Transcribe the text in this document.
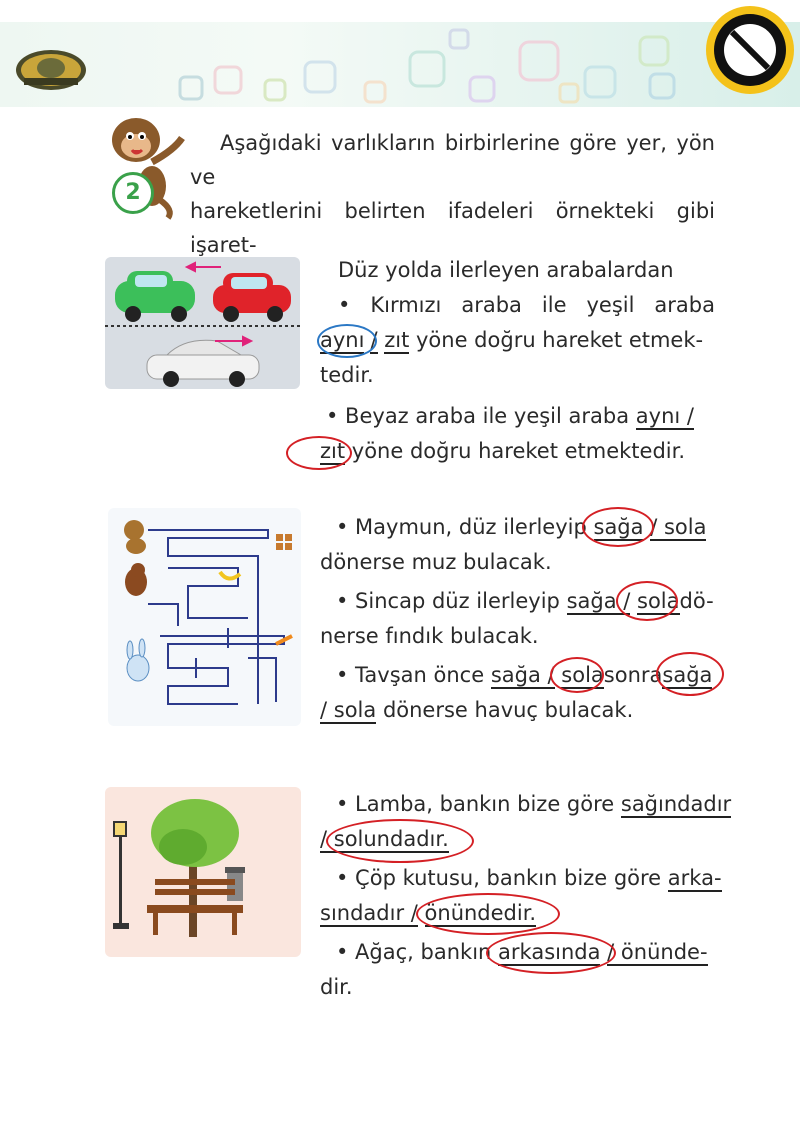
2
Aşağıdaki varlıkların birbirlerine göre yer, yön ve
hareketlerini belirten ifadeleri örnekteki gibi işaret-
Düz yolda ilerleyen arabalardan
• Kırmızı araba ile yeşil araba
aynı / zıt yöne doğru hareket etmek-
tedir.
• Beyaz araba ile yeşil araba aynı /
zıt yöne doğru hareket etmektedir.
• Maymun, düz ilerleyip sağa / sola
dönerse muz bulacak.
• Sincap düz ilerleyip sağa / soladö-
nerse fındık bulacak.
• Tavşan önce sağa / solasonrasağa
/ sola dönerse havuç bulacak.
• Lamba, bankın bize göre sağındadır
/ solundadır.
• Çöp kutusu, bankın bize göre arka-
sındadır / önündedir.
• Ağaç, bankın arkasında / önünde-
dir.
